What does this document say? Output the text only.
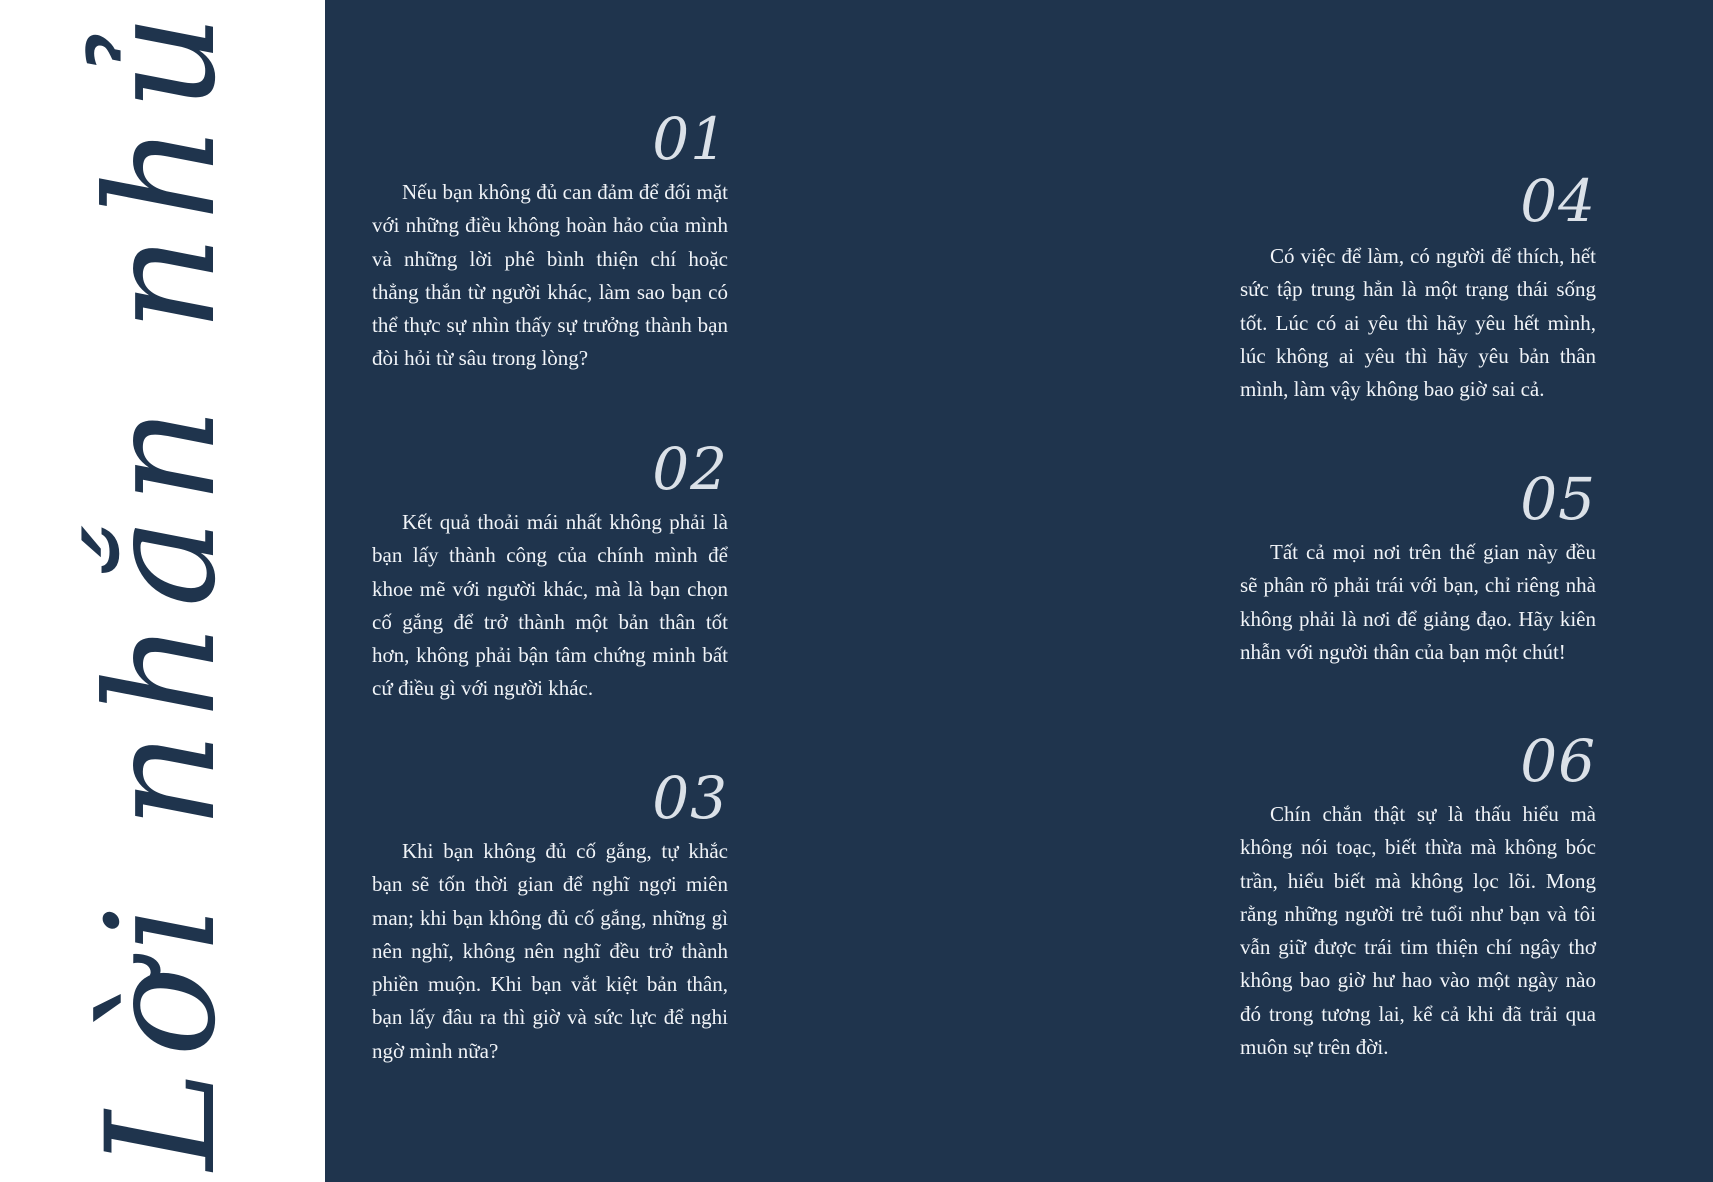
Lời nhắn nhủ	01

Nếu bạn không đủ can đảm để đối mặt với những điều không hoàn hảo của mình và những lời phê bình thiện chí hoặc thẳng thắn từ người khác, làm sao bạn có thể thực sự nhìn thấy sự trưởng thành bạn đòi hỏi từ sâu trong lòng?

02

Kết quả thoải mái nhất không phải là bạn lấy thành công của chính mình để khoe mẽ với người khác, mà là bạn chọn cố gắng để trở thành một bản thân tốt hơn, không phải bận tâm chứng minh bất cứ điều gì với người khác.

03

Khi bạn không đủ cố gắng, tự khắc bạn sẽ tốn thời gian để nghĩ ngợi miên man; khi bạn không đủ cố gắng, những gì nên nghĩ, không nên nghĩ đều trở thành phiền muộn. Khi bạn vắt kiệt bản thân, bạn lấy đâu ra thì giờ và sức lực để nghi ngờ mình nữa?

04

Có việc để làm, có người để thích, hết sức tập trung hẳn là một trạng thái sống tốt. Lúc có ai yêu thì hãy yêu hết mình, lúc không ai yêu thì hãy yêu bản thân mình, làm vậy không bao giờ sai cả.

05

Tất cả mọi nơi trên thế gian này đều sẽ phân rõ phải trái với bạn, chỉ riêng nhà không phải là nơi để giảng đạo. Hãy kiên nhẫn với người thân của bạn một chút!

06

Chín chắn thật sự là thấu hiểu mà không nói toạc, biết thừa mà không bóc trần, hiểu biết mà không lọc lõi. Mong rằng những người trẻ tuổi như bạn và tôi vẫn giữ được trái tim thiện chí ngây thơ không bao giờ hư hao vào một ngày nào đó trong tương lai, kể cả khi đã trải qua muôn sự trên đời.
